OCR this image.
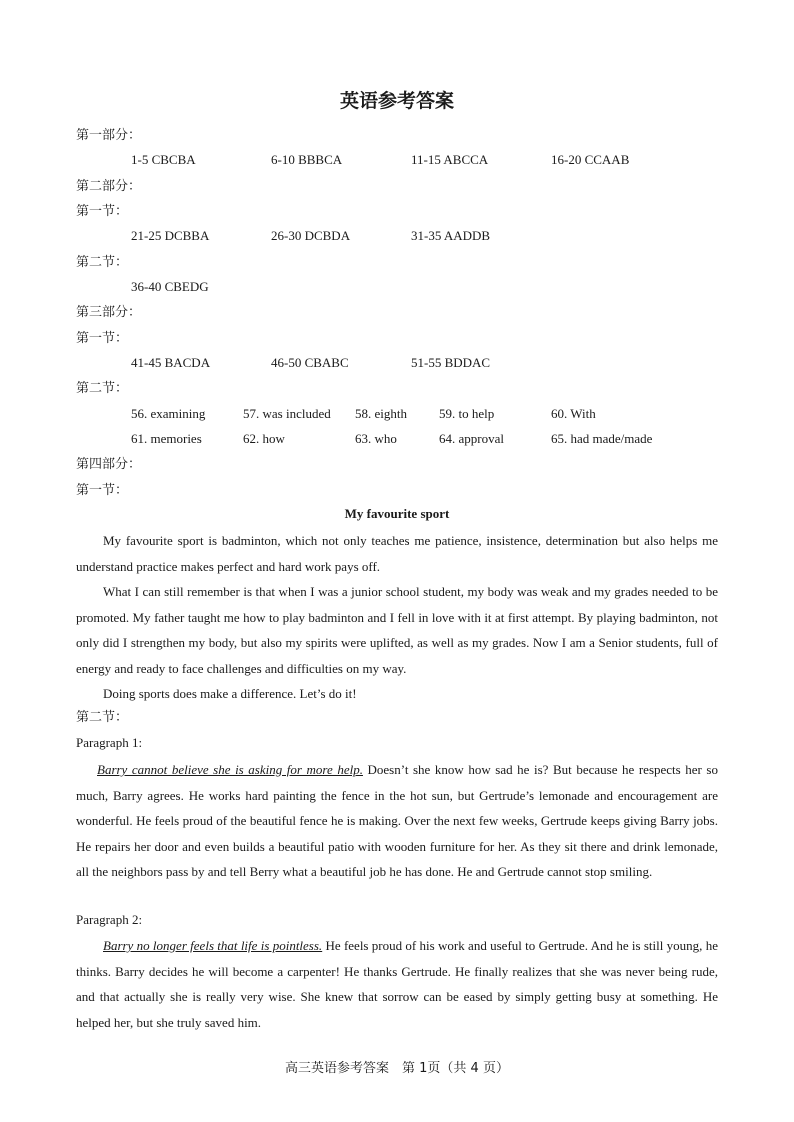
英语参考答案
第一部分：
1-5 CBCBA	6-10 BBBCA	11-15 ABCCA	16-20 CCAAB
第二部分：
第一节：
21-25 DCBBA	26-30 DCBDA	31-35 AADDB
第二节：
36-40 CBEDG
第三部分：
第一节：
41-45 BACDA	46-50 CBABC	51-55 BDDAC
第二节：
56. examining	57. was included 58. eighth 59. to help	60. With
61. memories	62. how	63. who	64. approval	65. had made/made
第四部分：
第一节：
My favourite sport

My favourite sport is badminton, which not only teaches me patience, insistence, determination but also helps me understand practice makes perfect and hard work pays off.

What I can still remember is that when I was a junior school student, my body was weak and my grades needed to be promoted. My father taught me how to play badminton and I fell in love with it at first attempt. By playing badminton, not only did I strengthen my body, but also my spirits were uplifted, as well as my grades. Now I am a Senior students, full of energy and ready to face challenges and difficulties on my way.

Doing sports does make a difference. Let’s do it!

第二节：
Paragraph 1:

Barry cannot believe she is asking for more help. Doesn’t she know how sad he is? But because he respects her so much, Barry agrees. He works hard painting the fence in the hot sun, but Gertrude’s lemonade and encouragement are wonderful. He feels proud of the beautiful fence he is making. Over the next few weeks, Gertrude keeps giving Barry jobs. He repairs her door and even builds a beautiful patio with wooden furniture for her. As they sit there and drink lemonade, all the neighbors pass by and tell Berry what a beautiful job he has done. He and Gertrude cannot stop smiling.

Paragraph 2:

Barry no longer feels that life is pointless. He feels proud of his work and useful to Gertrude. And he is still young, he thinks. Barry decides he will become a carpenter! He thanks Gertrude. He finally realizes that she was never being rude, and that actually she is really very wise. She knew that sorrow can be eased by simply getting busy at something. He helped her, but she truly saved him.

高三英语参考答案　第 1页（共 4 页）
